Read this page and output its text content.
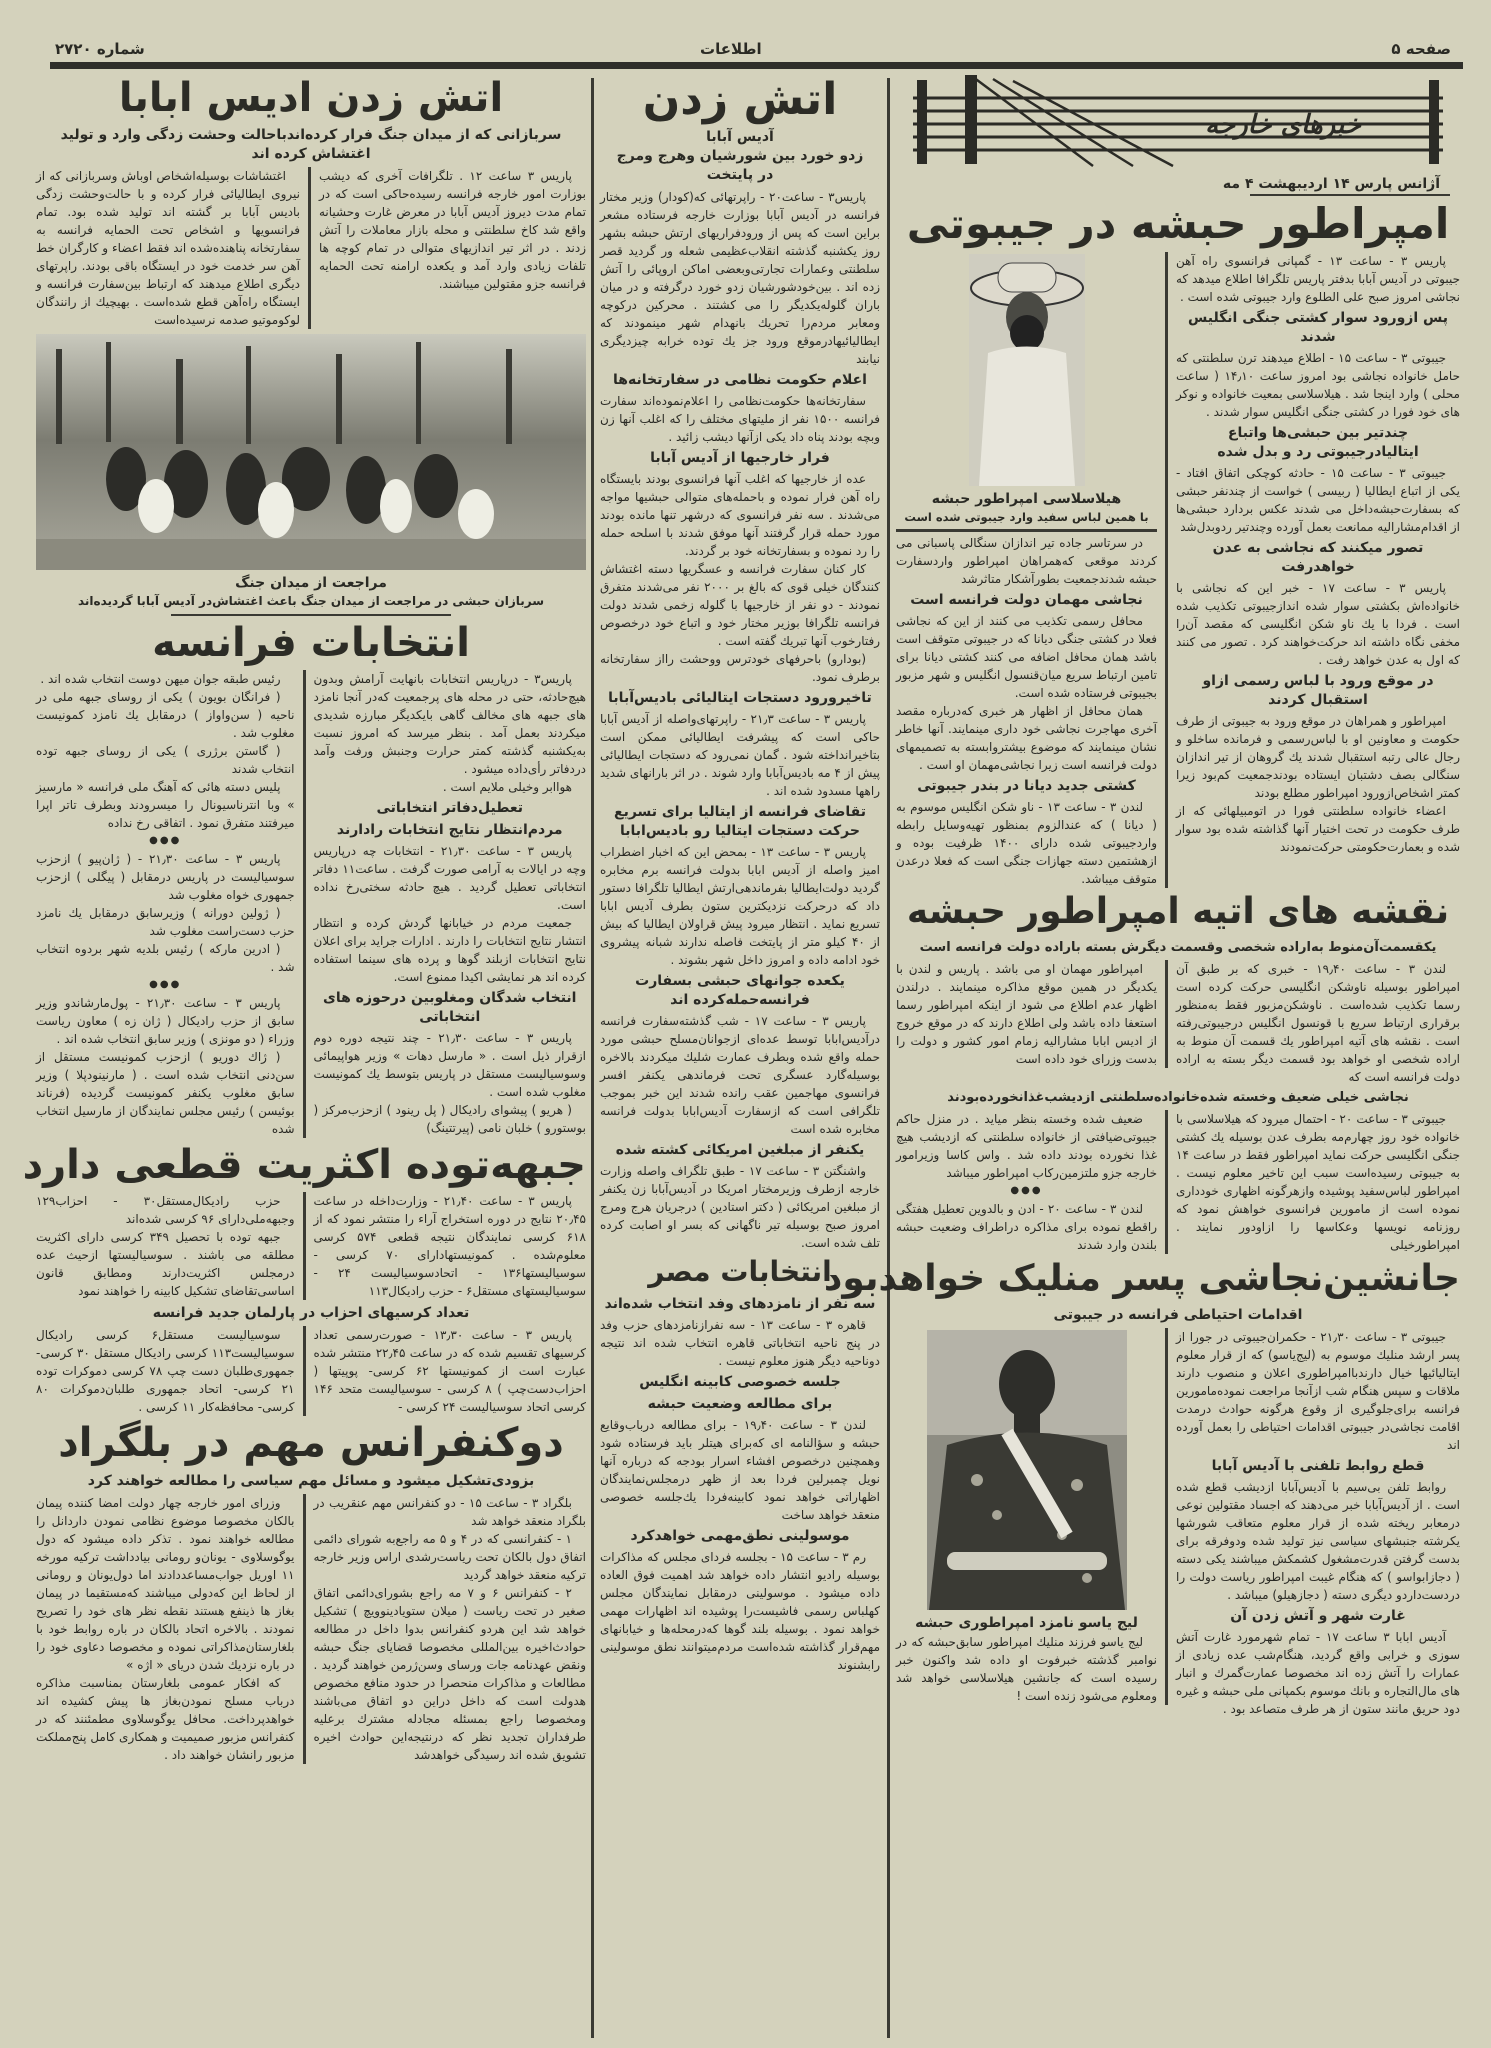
صفحه ۵
اطلاعات
شماره ۲۷۲۰
اتش زدن ادیس ابابا
سربازانی که از میدان جنگ فرار کرده‌اندباحالت وحشت زدگی وارد و تولید اغتشاش کرده اند

پاریس ۳ ساعت ۱۲ . تلگرافات آخری که دیشب بوزارت امور خارجه فرانسه رسیده‌حاکی است که در تمام مدت دیروز آدیس آبابا در معرض غارت وحشیانه واقع شد کاخ سلطنتی و محله بازار معاملات را آتش زدند . در اثر تیر اندازیهای متوالی در تمام کوچه ها تلفات زیادی وارد آمد و یکعده ارامنه تحت الحمایه فرانسه جزو مقتولین میباشند.

اغتشاشات بوسیله‌اشخاص اوباش وسربازانی که از نیروی ایطالیائی فرار کرده و با حالت‌وحشت زدگی بادیس آبابا بر گشته اند تولید شده بود. تمام فرانسویها و اشخاص تحت الحمایه فرانسه به سفارتخانه پناهنده‌شده اند فقط اعضاء و کارگران خط آهن سر خدمت خود در ایستگاه باقی بودند. راپرتهای دیگری اطلاع میدهند که ارتباط بین‌سفارت فرانسه و ایستگاه راه‌آهن قطع شده‌است . بهیچیك از رانندگان لوکوموتیو صدمه نرسیده‌است

مراجعت از میدان جنگ
سربازان حبشی در مراجعت از میدان جنگ باعث اغتشاش‌در آدیس آبابا گردیده‌اند
انتخابات فرانسه

پاریس۳ - درپاریس انتخابات بانهایت آرامش وبدون هیچ‌حادثه، حتی در محله های پرجمعیت که‌در آنجا نامزد های جبهه های مخالف گاهی بایکدیگر مبارزه شدیدی میکردند بعمل آمد . بنظر میرسد که امروز نسبت به‌یکشنبه گذشته کمتر حرارت وجنبش ورفت وآمد دردفاتر رأی‌داده میشود .

هوا‌ابر وخیلی ملایم است .

تعطیل‌دفاتر انتخاباتی
مردم‌انتظار نتایج انتخابات رادارند

پاریس ۳ - ساعت ۲۱٫۳۰ - انتخابات چه درپاریس وچه در ایالات به آرامی صورت گرفت . ساعت۱۱ دفاتر انتخاباتی تعطیل گردید . هیچ حادثه سختی‌رخ نداده است.

جمعیت مردم در خیابانها گردش کرده و انتظار انتشار نتایج انتخابات را دارند . ادارات جراید برای اعلان نتایج انتخابات ازبلند گوها و پرده های سینما استفاده کرده اند هر نمایشی اکیدا ممنوع است.

انتخاب شدگان ومغلوبین درحوزه های انتخاباتی

پاریس ۳ - ساعت ۲۱٫۳۰ - چند نتیجه دوره دوم ازقرار ذیل است . « مارسل دهات » وزیر هواپیمائی وسوسیالیست مستقل در پاریس بتوسط یك کمونیست مغلوب شده است .

( هریو ) پیشوای رادیکال ( پل رینود ) ازحزب‌مرکز ( بوستورو ) خلبان نامی (پیرتتینگ)

رئیس طبقه جوان میهن دوست انتخاب شده اند .

( فرانگان بویون ) یکی از روسای جبهه ملی در ناحیه ( سن‌واواز ) درمقابل یك نامزد کمونیست مغلوب شد .

( گاستن برژری ) یکی از روسای جبهه توده انتخاب شدند

پلیس دسته هائی که آهنگ ملی فرانسه « مارسیز » وبا انترناسیونال را میسرودند وبطرف تاتر اپرا میرفتند متفرق نمود . اتفاقی رخ نداده

●●●

پاریس ۳ - ساعت ۲۱٫۳۰ - ( ژان‌پیو ) ازحزب سوسیالیست در پاریس درمقابل ( پیگلی ) ازحزب جمهوری خواه مغلوب شد

( ژولین دورانه ) وزیرسابق درمقابل یك نامزد حزب دست‌راست مغلوب شد

( ادرین مارکه ) رئیس بلدیه شهر بردوه انتخاب شد .

●●●

پاریس ۳ - ساعت ۲۱٫۳۰ - پول‌مارشاندو وزیر سابق از حزب رادیکال ( ژان زه ) معاون ریاست وزراء ( دو مونزی ) وزیر سابق انتخاب شده اند .

( ژاك دوریو ) ازحزب کمونیست مستقل از سن‌دنی انتخاب شده است . ( مارنینودپلا ) وزیر سابق مغلوب یکنفر کمونیست گردیده (فرناند بوئیسن ) رئیس مجلس نمایندگان از مارسیل انتخاب شده

جبهه‌توده اکثریت قطعی دارد

پاریس ۳ - ساعت ۲۱٫۴۰ - وزارت‌داخله در ساعت ۲۰٫۴۵ نتایج در دوره استخراج آراء را منتشر نمود که از ۶۱۸ کرسی نمایندگان نتیجه قطعی ۵۷۴ کرسی معلوم‌شده . کمونیستهادارای ۷۰ کرسی - سوسیالیستها۱۳۶ - اتحادسوسیالیست ۲۴ - سوسیالیستهای مستقل۶ - حزب رادیکال۱۱۳

حزب رادیکال‌مستقل۳۰ - احزاب۱۲۹ وجبهه‌ملی‌دارای ۹۶ کرسی شده‌اند

جبهه توده با تحصیل ۳۴۹ کرسی دارای اکثریت مطلقه می باشند . سوسیالیستها ازحیث عده درمجلس اکثریت‌دارند ومطابق قانون اساسی‌تقاضای تشکیل کابینه را خواهند نمود

تعداد کرسیهای احزاب در پارلمان جدید فرانسه

پاریس ۳ - ساعت ۱۳٫۳۰ - صورت‌رسمی تعداد کرسیهای تقسیم شده که در ساعت ۲۲٫۴۵ منتشر شده عبارت است از کمونیستها ۶۲ کرسی- پوپیتها ( احزاب‌دست‌چپ ) ۸ کرسی - سوسیالیست متحد ۱۴۶ کرسی اتحاد سوسیالیست ۲۴ کرسی -

سوسیالیست مستقل۶ کرسی رادیکال سوسیالیست۱۱۳ کرسی رادیکال مستقل ۳۰ کرسی- جمهوری‌طلبان دست چپ ۷۸ کرسی دموکرات توده ۲۱ کرسی- اتحاد جمهوری طلبان‌دموکرات ۸۰ کرسی- محافظه‌کار ۱۱ کرسی .

دوکنفرانس مهم در بلگراد
بزودی‌تشکیل میشود و مسائل مهم سیاسی را مطالعه خواهند کرد

بلگراد ۳ - ساعت ۱۵ - دو کنفرانس مهم عنقریب در بلگراد منعقد خواهد شد

۱ - کنفرانسی که در ۴ و ۵ مه راجع‌به شورای دائمی اتفاق دول بالکان تحت ریاست‌رشدی اراس وزیر خارجه ترکیه منعقد خواهد گردید

۲ - کنفرانس ۶ و ۷ مه راجع بشورای‌دائمی اتفاق صغیر در تحت ریاست ( میلان ستویادینوویچ ) تشکیل خواهد شد این هردو کنفرانس بدوا داخل در مطالعه حوادث‌اخیره بین‌المللی مخصوصا قضایای جنگ حبشه ونقض عهدنامه جات ورسای وسن‌ژرمن خواهند گردید . مطالعات و مذاکرات منحصرا در حدود منافع مخصوص هدولت است که داخل دراین دو اتفاق می‌باشند ومخصوصا راجع بمسئله مجادله مشترك برعلیه طرفداران تجدید نظر که درنتیجه‌این حوادث اخیره تشویق شده اند رسیدگی خواهدشد

وزرای امور خارجه چهار دولت امضا کننده پیمان بالکان مخصوصا موضوع نظامی نمودن داردانل را مطالعه خواهند نمود . تذکر داده میشود که دول یوگوسلاوی - یونان‌و رومانی بیادداشت ترکیه مورخه ۱۱ اوریل جواب‌مساعد‌دادند اما دول‌یونان و رومانی از لحاظ این که‌دولی میباشند که‌مستقیما در پیمان بغاز ها ذینفع هستند نقطه نظر های خود را تصریح نمودند . بالاخره اتحاد بالکان در باره روابط خود با بلغارستان‌مذاکراتی نموده و مخصوصا دعاوی خود را در باره نزدیك شدن دریای « اژه »

که افکار عمومی بلغارستان بمناسبت مذاکره درباب مسلح نمودن‌بغاز ها پیش کشیده اند خواهدپرداخت. محافل یوگوسلاوی مطمئنند که در کنفرانس مزبور صمیمیت و همکاری کامل پنج‌مملکت مزبور رانشان خواهند داد .

اتش زدن
آدیس آبابا
زدو خورد بین شورشیان وهرج ومرج
در پایتخت

پاریس۳ - ساعت۲۰ - راپرتهائی که(کودار) وزیر مختار فرانسه در آدیس آبابا بوزارت خارجه فرستاده مشعر براین است که پس از ورودفراریهای ارتش حبشه بشهر روز یکشنبه گذشته انقلاب‌عظیمی شعله ور گردید قصر سلطنتی وعمارات تجارتی‌وبعضی اماکن اروپائی را آتش زده اند . بین‌خودشورشیان زدو خورد درگرفته و در میان باران گلوله‌یکدیگر را می کشتند . محرکین درکوچه ومعابر مردم‌را تحریك بانهدام شهر مینمودند که ایطالیائیهادرموقع ورود جز یك توده خرابه چیزدیگری نیابند

اعلام حکومت نظامی در سفارتخانه‌ها

سفارتخانه‌ها حکومت‌نظامی را اعلام‌نموده‌اند سفارت فرانسه ۱۵۰۰ نفر از ملیتهای مختلف را که اغلب آنها زن وبچه بودند پناه داد یکی ازآنها دیشب زائید .

فرار خارجیها از آدیس آبابا

عده از خارجیها که اغلب آنها فرانسوی بودند بایستگاه راه آهن فرار نموده و باحمله‌های متوالی حبشیها مواجه می‌شدند . سه نفر فرانسوی که درشهر تنها مانده بودند مورد حمله قرار گرفتند آنها موفق شدند با اسلحه حمله را رد نموده و بسفارتخانه خود بر گردند.

کار کنان سفارت فرانسه و عسگریها دسته اغتشاش کنندگان خیلی قوی که بالغ بر ۲۰۰۰ نفر می‌شدند متفرق نمودند - دو نفر از خارجیها با گلوله زخمی شدند دولت فرانسه تلگرافا بوزیر مختار خود و اتباع خود درخصوص رفتارخوب آنها تبریك گفته است .

(بودارو) باحرفهای خودترس ووحشت رااز سفارتخانه برطرف نمود.

تاخیرورود دستجات ایتالیائی بادیس‌آبابا

پاریس ۳ - ساعت ۲۱٫۳ - راپرتهای‌واصله از آدیس آبابا حاکی است که پیشرفت ایطالیائی ممکن است بتاخیرانداخته شود . گمان نمی‌رود که دستجات ایطالیائی پیش از ۴ مه بادیس‌آبابا وارد شوند . در اثر بارانهای شدید راهها مسدود شده اند .

تقاضای فرانسه از ایتالیا برای تسریع حرکت دستجات ایتالیا رو بادیس‌ابابا

پاریس ۳ - ساعت ۱۳ - بمحض این که اخبار اضطراب امیز واصله از آدیس ابابا بدولت فرانسه برم مخابره گردید دولت‌ایطالیا بفرماندهی‌ارتش ایطالیا تلگرافا دستور داد که درحرکت نزدیکترین ستون بطرف آدیس ابابا تسریع نماید . انتظار میرود پیش قراولان ایطالیا که بیش از ۴۰ کیلو متر از پایتخت فاصله ندارند شبانه پیشروی خود ادامه داده و امروز داخل شهر بشوند .

یکعده جوانهای حبشی بسفارت فرانسه‌حمله‌کرده اند

پاریس ۳ - ساعت ۱۷ - شب گذشته‌سفارت فرانسه درآدیس‌ابابا توسط عده‌ای ازجوانان‌مسلح حبشی مورد حمله واقع شده وبطرف عمارت شلیك میکردند بالاخره بوسیله‌گارد عسگری تحت فرماندهی یکنفر افسر فرانسوی مهاجمین عقب رانده شدند این خبر بموجب تلگرافی است که ازسفارت آدیس‌ابابا بدولت فرانسه مخابره شده است

یکنفر از مبلغین امریکائی کشته شده

واشنگتن ۳ - ساعت ۱۷ - طبق تلگراف واصله وزارت خارجه ازطرف وزیرمختار امریکا در آدیس‌آبابا زن یکنفر از مبلغین امریکائی ( دکتر استادین ) درجریان هرج ومرج امروز صبح بوسیله تیر ناگهانی که بسر او اصابت کرده تلف شده است.

انتخابات مصر
سه نفر از نامزدهای وفد انتخاب شده‌اند

قاهره ۳ - ساعت ۱۳ - سه نفرازنامزدهای حزب وفد در پنج ناحیه انتخاباتی قاهره انتخاب شده اند نتیجه دوناحیه دیگر هنوز معلوم نیست .

جلسه خصوصی کابینه انگلیس
برای مطالعه وضعیت حبشه

لندن ۳ - ساعت ۱۹٫۴۰ - برای مطالعه درباب‌وقایع حبشه و سؤالنامه ای که‌برای هیتلر باید فرستاده شود وهمچنین درخصوص افشاء اسرار بودجه که درباره آنها نویل چمبرلین فردا بعد از ظهر درمجلس‌نمایندگان اظهاراتی خواهد نمود کابینه‌فردا یك‌جلسه خصوصی منعقد خواهد ساخت

موسولینی نطق‌مهمی خواهدکرد

رم ۳ - ساعت ۱۵ - بجلسه فردای مجلس که مذاکرات بوسیله رادیو انتشار داده خواهد شد اهمیت فوق العاده داده میشود . موسولینی درمقابل نمایندگان مجلس کهلباس رسمی فاشیست‌را پوشیده اند اظهارات مهمی خواهد نمود . بوسیله بلند گوها که‌درمحله‌ها و خیابانهای مهم‌قرار گذاشته شده‌است مردم‌میتوانند نطق موسولینی رابشنوند

خبرهای خارجه
آژانس پارس ۱۴ اردیبهشت ۴ مه
امپراطور حبشه در جیبوتی

پاریس ۳ - ساعت ۱۳ - گمپانی فرانسوی راه آهن جیبوتی در آدیس آبابا بدفتر پاریس تلگرافا اطلاع میدهد که نجاشی امروز صبح علی الطلوع وارد جیبوتی شده است .

پس ازورود سوار کشتی جنگی انگلیس شدند

جیبوتی ۳ - ساعت ۱۵ - اطلاع میدهند ترن سلطنتی که حامل خانواده نجاشی بود امروز ساعت ۱۴٫۱۰ ( ساعت محلی ) وارد اینجا شد . هیلاسلاسی بمعیت خانواده و نوکر های خود فورا در کشتی جنگی انگلیس سوار شدند .

چندتیر بین حبشی‌ها واتباع ایتالیادرجیبوتی رد و بدل شده

جیبوتی ۳ - ساعت ۱۵ - حادثه کوچکی اتفاق افتاد - یکی از اتباع ایطالیا ( ربیسی ) خواست از چندنفر حبشی که بسفارت‌حبشه‌داخل می شدند عکس بردارد حبشی‌ها از اقدام‌مشارالیه ممانعت بعمل آورده وچندتیر ردوبدل‌شد

تصور میکنند که نجاشی به عدن خواهدرفت

پاریس ۳ - ساعت ۱۷ - خبر این که نجاشی با خانواده‌اش بکشتی سوار شده اندازجیبوتی تکذیب شده است . فردا با یك ناو شکن انگلیسی که مقصد آن‌را مخفی نگاه داشته اند حرکت‌خواهند کرد . تصور می کنند که اول به عدن خواهد رفت .

در موقع ورود با لباس رسمی ازاو استقبال کردند

امپراطور و همراهان در موقع ورود به جیبوتی از طرف حکومت و معاونین او با لباس‌رسمی و فرمانده ساخلو و رجال عالی رتبه استقبال شدند یك گروهان از تیر اندازان سنگالی بصف دشتبان ایستاده بودند‌جمعیت کم‌بود زیرا کمتر اشخاص‌ازورود امپراطور مطلع بودند

اعضاء خانواده سلطنتی فورا در اتومبیلهائی که از طرف حکومت در تحت اختیار آنها گذاشته شده بود سوار شده و بعمارت‌حکومتی حرکت‌نمودند

هیلاسلاسی امپراطور حبشه
با همین لباس سفید وارد جیبوتی شده است

در سرتاسر جاده تیر اندازان سنگالی پاسبانی می کردند موقعی که‌همراهان امپراطور واردسفارت حبشه شدند‌جمعیت بطورآشکار متاثرشد

نجاشی مهمان دولت فرانسه است

محافل رسمی تکذیب می کنند از این که نجاشی فعلا در کشتی جنگی دیانا که در جیبوتی متوقف است باشد همان محافل اضافه می کنند کشتی دیانا برای تامین ارتباط سریع میان‌قنسول انگلیس و شهر مزبور بجیبوتی فرستاده شده است.

همان محافل از اظهار هر خبری که‌درباره مقصد آخری مهاجرت نجاشی خود داری مینمایند. آنها خاطر نشان مینمایند که موضوع بیشتروابسته به تصمیمهای دولت فرانسه است زیرا نجاشی‌مهمان او است .

کشتی جدید دیانا در بندر جیبوتی

لندن ۳ - ساعت ۱۳ - ناو شکن انگلیس موسوم به ( دیانا ) که عندالزوم بمنظور تهیه‌وسایل رابطه واردجیبوتی شده دارای ۱۴۰۰ ظرفیت بوده و ازهشتمین دسته جهازات جنگی است که فعلا درعدن متوقف میباشد.

نقشه های اتیه امپراطور حبشه
یکقسمت‌آن‌منوط به‌اراده شخصی وقسمت دیگرش بسته باراده دولت فرانسه است

لندن ۳ - ساعت ۱۹٫۴۰ - خبری که بر طبق آن امپراطور بوسیله ناوشکن انگلیسی حرکت کرده است رسما تکذیب شده‌است . ناوشکن‌مزبور فقط به‌منظور برقراری ارتباط سریع با قونسول انگلیس درجیبوتی‌رفته است . نقشه های آتیه امپراطور یك قسمت آن منوط به اراده شخصی او خواهد بود قسمت دیگر بسته به اراده دولت فرانسه است که

امپراطور مهمان او می باشد . پاریس و لندن با یکدیگر در همین موقع مذاکره مینمایند . درلندن اظهار عدم اطلاع می شود از اینکه امپراطور رسما استعفا داده باشد ولی اطلاع دارند که در موقع خروج از ادیس ابابا مشارالیه زمام امور کشور و دولت را بدست وزرای خود داده است

نجاشی خیلی ضعیف وخسته شده‌خانواده‌سلطنتی ازدیشب‌غذانخورده‌بودند

جیبوتی ۳ - ساعت ۲۰ - احتمال میرود که هیلاسلاسی با خانواده خود روز چهارم‌مه بطرف عدن بوسیله یك کشتی جنگی انگلیسی حرکت نماید امپراطور فقط در ساعت ۱۴ به جیبوتی رسیده‌است سبب این تاخیر معلوم نیست . امپراطور لباس‌سفید پوشیده وازهرگونه اظهاری خودداری نموده است از مامورین فرانسوی خواهش نمود که روزنامه نویسها وعکاسها را ازاودور نمایند . امپراطورخیلی

ضعیف شده وخسته بنظر میاید . در منزل حاکم جیبوتی‌ضیافتی از خانواده سلطنتی که ازدیشب هیچ غذا نخورده بودند داده شد . واس کاسا وزیرامور خارجه جزو ملتزمین‌رکاب امپراطور میباشد

●●●

لندن ۳ - ساعت ۲۰ - ادن و بالدوین تعطیل هفتگی راقطع نموده برای مذاکره دراطراف وضعیت حبشه بلندن وارد شدند

جانشین‌نجاشی پسر منلیک خواهدبود
اقدامات احتیاطی فرانسه در جیبوتی

جیبوتی ۳ - ساعت ۲۱٫۳۰ - حکمران‌جیبوتی در جورا از پسر ارشد منلیك موسوم به (لیج‌یاسو) که از قرار معلوم ایتالیائیها خیال دارندباامپراطوری اعلان و منصوب دارند ملاقات و سپس هنگام شب ازآنجا مراجعت نموده‌مامورین فرانسه برای‌جلوگیری از وقوع هرگونه حوادث درمدت اقامت نجاشی‌در جیبوتی اقدامات احتیاطی را بعمل آورده اند

قطع روابط تلفنی با آدیس آبابا

روابط تلفن بی‌سیم با آدیس‌آبابا ازدیشب قطع شده است . از آدیس‌آبابا خبر می‌دهند که اجساد مقتولین نوعی درمعابر ریخته شده از قرار معلوم متعاقب شورشها یکرشته جنبشهای سیاسی نیز تولید شده ودوفرقه برای بدست گرفتن قدرت‌مشغول کشمکش میباشند یکی دسته ( دجازابواسو ) که هنگام غیبت امپراطور ریاست دولت را دردست‌دارد‌و دیگری دسته ( دجازهیلو) میباشد .

غارت شهر و آتش زدن آن

آدیس ابابا ۳ ساعت ۱۷ - تمام شهرمورد غارت آتش سوزی و خرابی واقع گردید، هنگام‌شب عده زیادی از عمارات را آتش زده اند مخصوصا عمارت‌گمرك و انبار های مال‌التجاره و بانك موسوم بکمپانی ملی حبشه و غیره دود حریق مانند ستون از هر طرف متصاعد بود .

لیج یاسو نامزد امپراطوری حبشه

لیج یاسو فرزند منلیك امپراطور سابق‌حبشه که در نوامبر گذشته خبرفوت او داده شد واکنون خبر رسیده است که جانشین هیلاسلاسی خواهد شد ومعلوم می‌شود زنده است !
